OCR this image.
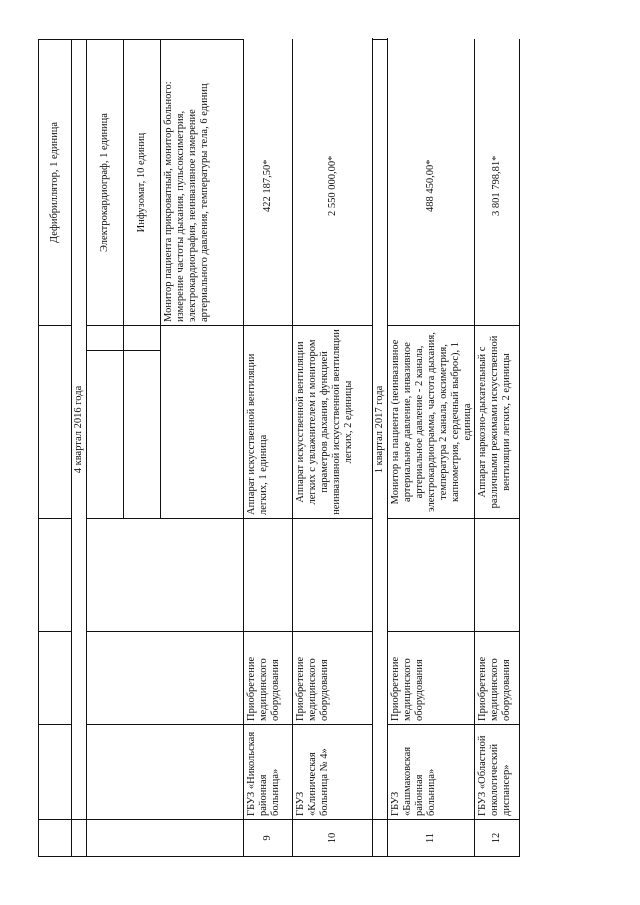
						Дефибриллятор, 1 единица	
	4 квартал 2016 года						
						Электрокардиограф, 1 единица	
						Инфузомат, 10 единиц	
						Монитор пациента прикроватный, монитор больного: измерение частоты дыхания, пульсоксиметрия, электрокардиография, неинвазивное измерение артериального давления, температуры тела, 6 единиц	
9	ГБУЗ «Никольская районная больница»	Приобретение медицинского оборудования		Аппарат искусственной вентиляции легких, 1 единица		422 187,50*	
10	ГБУЗ «Клиническая больница № 4»	Приобретение медицинского оборудования		Аппарат искусственной вентиляции легких с увлажнителем и монитором параметров дыхания, функцией неинвазивной искусственной вентиляции легких, 2 единицы		2 550 000,00*	
	1 квартал 2017 года						
11	ГБУЗ «Башмаковская районная больница»	Приобретение медицинского оборудования		Монитор на пациента (неинвазивное артериальное давление, инвазивное артериальное давление - 2 канала, электрокардиограмма, частота дыхания, температура 2 канала, оксиметрия, капнометрия, сердечный выброс), 1 единица		488 450,00*	
12	ГБУЗ «Областной онкологический диспансер»	Приобретение медицинского оборудования		Аппарат наркозно-дыхательный с различными режимами искусственной вентиляции легких, 2 единицы		3 801 798,81*	
